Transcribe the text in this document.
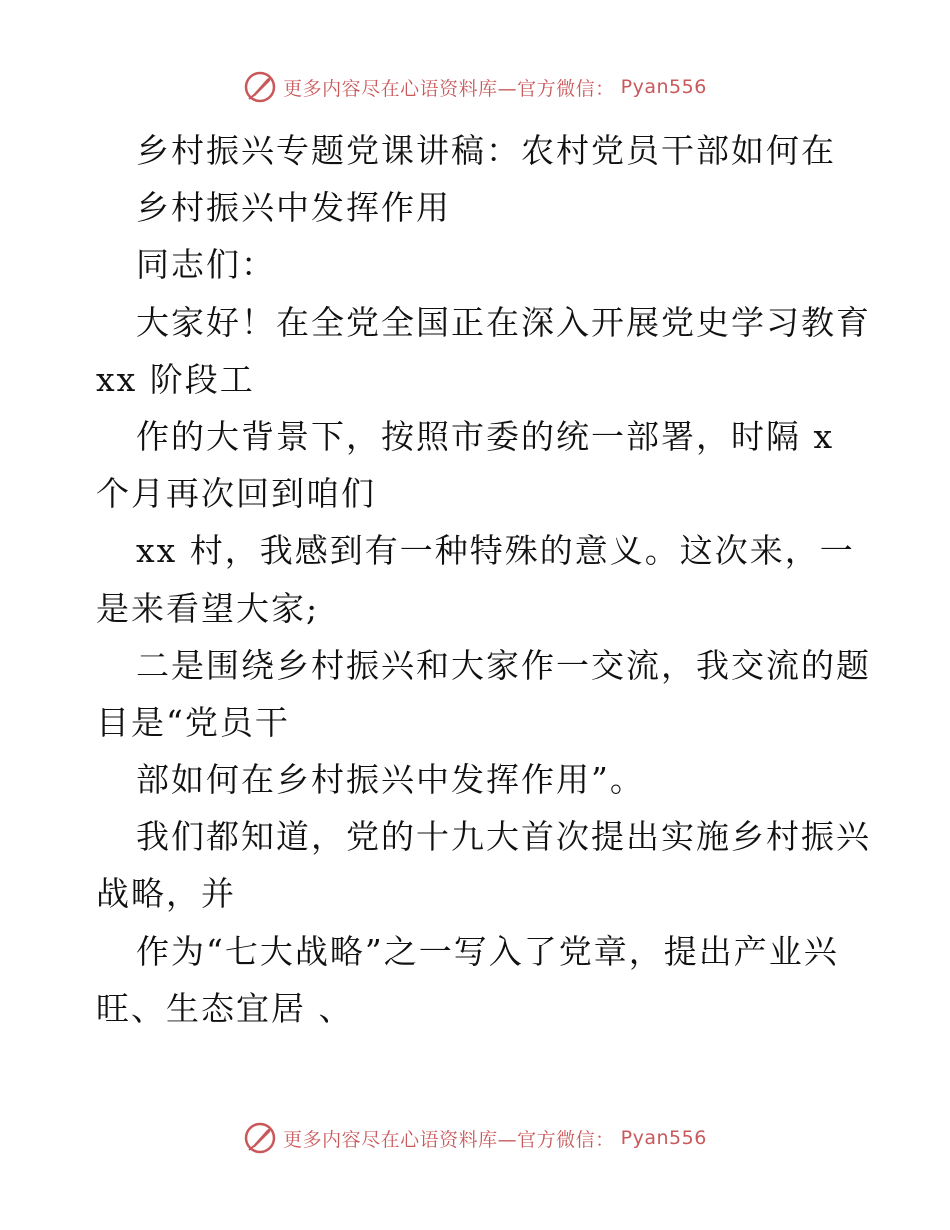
更多内容尽在心语资料库—官方微信： Pyan556
乡村振兴专题党课讲稿：农村党员干部如何在
乡村振兴中发挥作用
同志们：
大家好！在全党全国正在深入开展党史学习教育
xx 阶段工
作的大背景下，按照市委的统一部署，时隔 x
个月再次回到咱们
xx 村，我感到有一种特殊的意义。这次来，一
是来看望大家;
二是围绕乡村振兴和大家作一交流，我交流的题
目是“党员干
部如何在乡村振兴中发挥作用”。
我们都知道，党的十九大首次提出实施乡村振兴
战略，并
作为“七大战略”之一写入了党章，提出产业兴
旺、生态宜居 、
更多内容尽在心语资料库—官方微信： Pyan556
